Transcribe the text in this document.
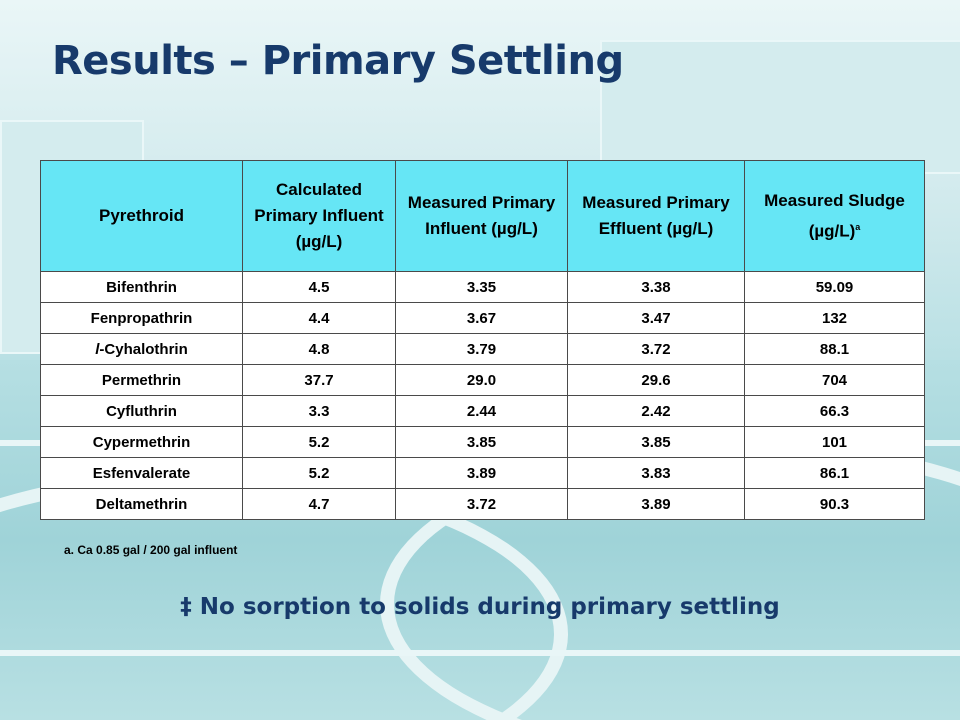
Results – Primary Settling
Pyrethroid	Calculated Primary Influent (µg/L)	Measured Primary Influent (µg/L)	Measured Primary Effluent (µg/L)	Measured Sludge $(\mu g/L)^a$
Bifenthrin	4.5	3.35	3.38	59.09
Fenpropathrin	4.4	3.67	3.47	132
l-Cyhalothrin	4.8	3.79	3.72	88.1
Permethrin	37.7	29.0	29.6	704
Cyfluthrin	3.3	2.44	2.42	66.3
Cypermethrin	5.2	3.85	3.85	101
Esfenvalerate	5.2	3.89	3.83	86.1
Deltamethrin	4.7	3.72	3.89	90.3
a. Ca 0.85 gal / 200 gal influent
‡ No sorption to solids during primary settling
